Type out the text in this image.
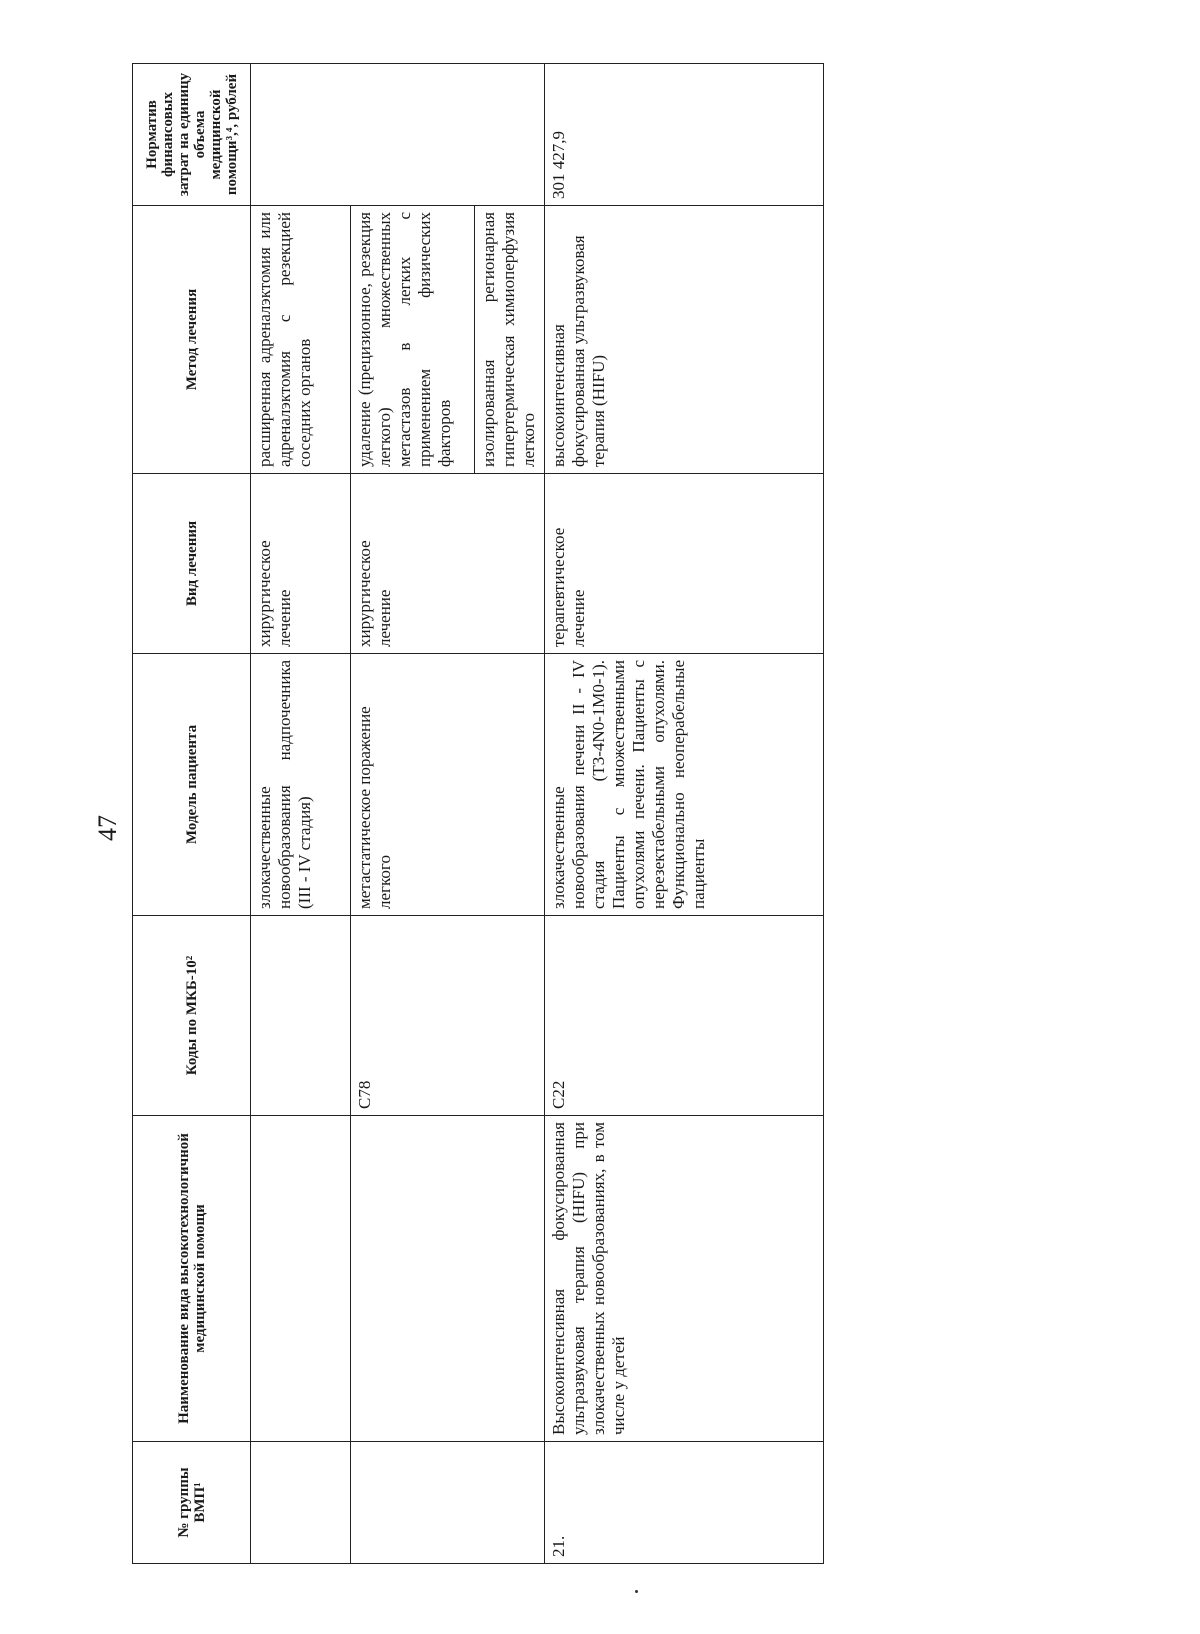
47
№ группы ВМП¹	Наименование вида высокотехнологичной медицинской помощи	Коды по МКБ-10²	Модель пациента	Вид лечения	Метод лечения	Норматив финансовых затрат на единицу объема медицинской помощи³,⁴, рублей
			злокачественные новообразования надпочечника (III - IV стадия)	хирургическое лечение	расширенная адреналэктомия или адреналэктомия с резекцией соседних органов	
		С78	метастатическое поражение легкого	хирургическое лечение	удаление (прецизионное, резекция легкого) множественных метастазов в легких с применением физических факторов	
					изолированная регионарная гипертермическая химиоперфузия легкого	
21.	Высокоинтенсивная фокусированная ультразвуковая терапия (HIFU) при злокачественных новообразованиях, в том числе у детей	С22	злокачественные новообразования печени II - IV стадия (T3-4N0-1M0-1). Пациенты с множественными опухолями печени. Пациенты с нерезектабельными опухолями. Функционально неоперабельные пациенты	терапевтическое лечение	высокоинтенсивная фокусированная ультразвуковая терапия (HIFU)	301 427,9
